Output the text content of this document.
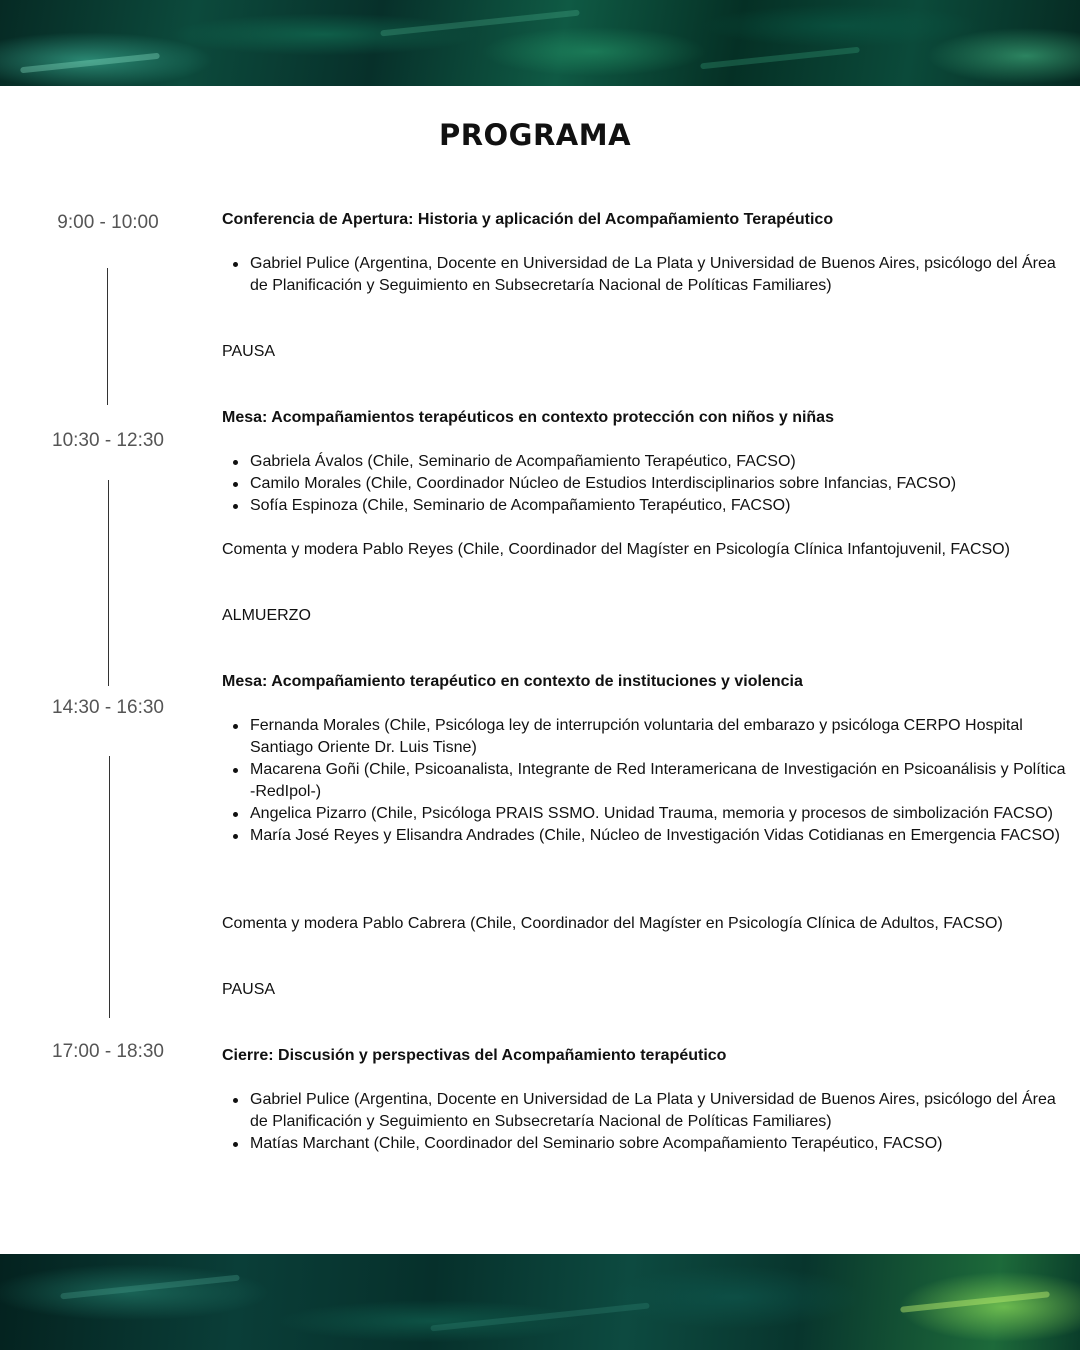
PROGRAMA
9:00 - 10:00
10:30 - 12:30
14:30 - 16:30
17:00 - 18:30
Conferencia de Apertura: Historia y aplicación del Acompañamiento Terapéutico
Gabriel Pulice (Argentina, Docente en Universidad de La Plata y Universidad de Buenos Aires, psicólogo del Área de Planificación y Seguimiento en Subsecretaría Nacional de Políticas Familiares)
PAUSA
Mesa: Acompañamientos terapéuticos en contexto protección con niños y niñas
Gabriela Ávalos (Chile, Seminario de Acompañamiento Terapéutico, FACSO)
Camilo Morales (Chile, Coordinador Núcleo de Estudios Interdisciplinarios sobre Infancias, FACSO)
Sofía Espinoza (Chile, Seminario de Acompañamiento Terapéutico, FACSO)
Comenta y modera Pablo Reyes (Chile, Coordinador del Magíster en Psicología Clínica Infantojuvenil, FACSO)
ALMUERZO
Mesa: Acompañamiento terapéutico en contexto de instituciones y violencia
Fernanda Morales (Chile, Psicóloga ley de interrupción voluntaria del embarazo y psicóloga CERPO Hospital Santiago Oriente Dr. Luis Tisne)
Macarena Goñi (Chile, Psicoanalista, Integrante de Red Interamericana de Investigación en Psicoanálisis y Política -RedIpol-)
Angelica Pizarro (Chile, Psicóloga PRAIS SSMO. Unidad Trauma, memoria y procesos de simbolización FACSO)
María José Reyes y Elisandra Andrades (Chile, Núcleo de Investigación Vidas Cotidianas en Emergencia FACSO)
Comenta y modera Pablo Cabrera (Chile, Coordinador del Magíster en Psicología Clínica de Adultos, FACSO)
PAUSA
Cierre: Discusión y perspectivas del Acompañamiento terapéutico
Gabriel Pulice (Argentina, Docente en Universidad de La Plata y Universidad de Buenos Aires, psicólogo del Área de Planificación y Seguimiento en Subsecretaría Nacional de Políticas Familiares)
Matías Marchant (Chile, Coordinador del Seminario sobre Acompañamiento Terapéutico, FACSO)
